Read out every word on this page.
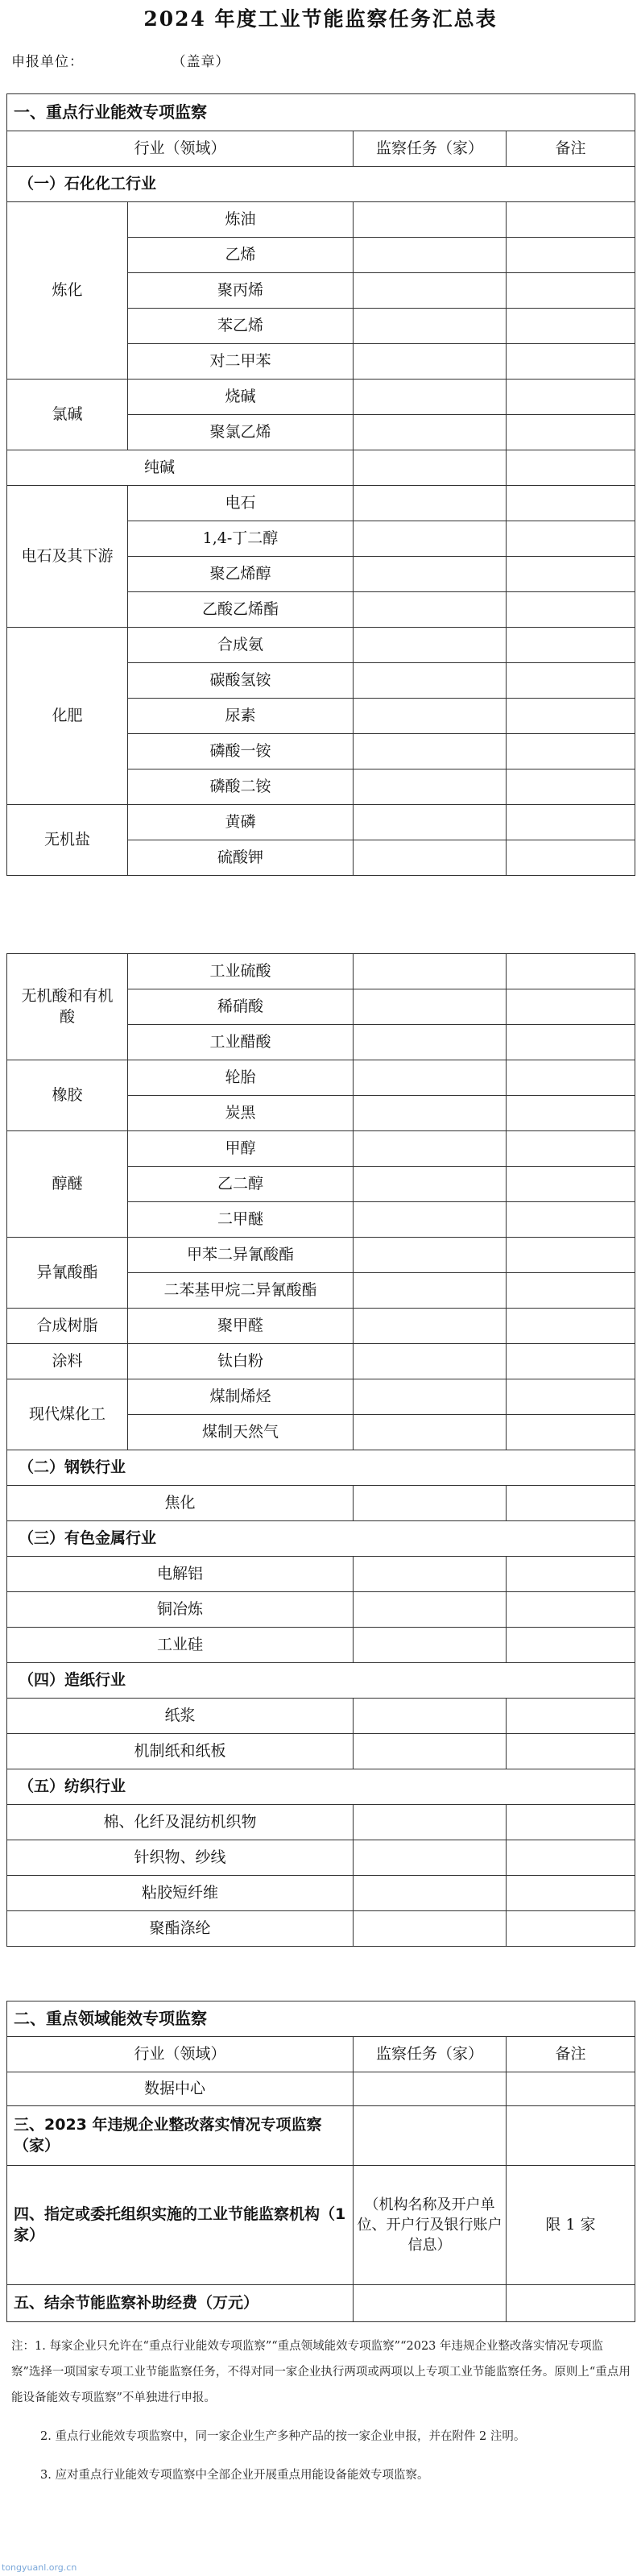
2024 年度工业节能监察任务汇总表
申报单位：	（盖章）
一、重点行业能效专项监察			
行业（领域）		监察任务（家）	备注
（一）石化化工行业			
炼化	炼油		
	乙烯		
	聚丙烯		
	苯乙烯		
	对二甲苯		
氯碱	烧碱		
	聚氯乙烯		
纯碱			
电石及其下游	电石		
	1,4-丁二醇		
	聚乙烯醇		
	乙酸乙烯酯		
化肥	合成氨		
	碳酸氢铵		
	尿素		
	磷酸一铵		
	磷酸二铵		
无机盐	黄磷		
	硫酸钾		
无机酸和有机酸	工业硫酸		
	稀硝酸		
	工业醋酸		
橡胶	轮胎		
	炭黑		
醇醚	甲醇		
	乙二醇		
	二甲醚		
异氰酸酯	甲苯二异氰酸酯		
	二苯基甲烷二异氰酸酯		
合成树脂	聚甲醛		
涂料	钛白粉		
现代煤化工	煤制烯烃		
	煤制天然气		
（二）钢铁行业			
焦化			
（三）有色金属行业			
电解铝			
铜冶炼			
工业硅			
（四）造纸行业			
纸浆			
机制纸和纸板			
（五）纺织行业			
棉、化纤及混纺机织物			
针织物、纱线			
粘胶短纤维			
聚酯涤纶			
二、重点领域能效专项监察		
行业（领域）	监察任务（家）	备注
数据中心		
三、2023 年违规企业整改落实情况专项监察（家）		
四、指定或委托组织实施的工业节能监察机构（1 家）	（机构名称及开户单位、开户行及银行账户信息）	限 1 家
五、结余节能监察补助经费（万元）		

注：1. 每家企业只允许在“重点行业能效专项监察”“重点领域能效专项监察”“2023 年违规企业整改落实情况专项监察”选择一项国家专项工业节能监察任务，不得对同一家企业执行两项或两项以上专项工业节能监察任务。原则上“重点用能设备能效专项监察”不单独进行申报。

2. 重点行业能效专项监察中，同一家企业生产多种产品的按一家企业申报，并在附件 2 注明。

3. 应对重点行业能效专项监察中全部企业开展重点用能设备能效专项监察。

tongyuanl.org.cn
